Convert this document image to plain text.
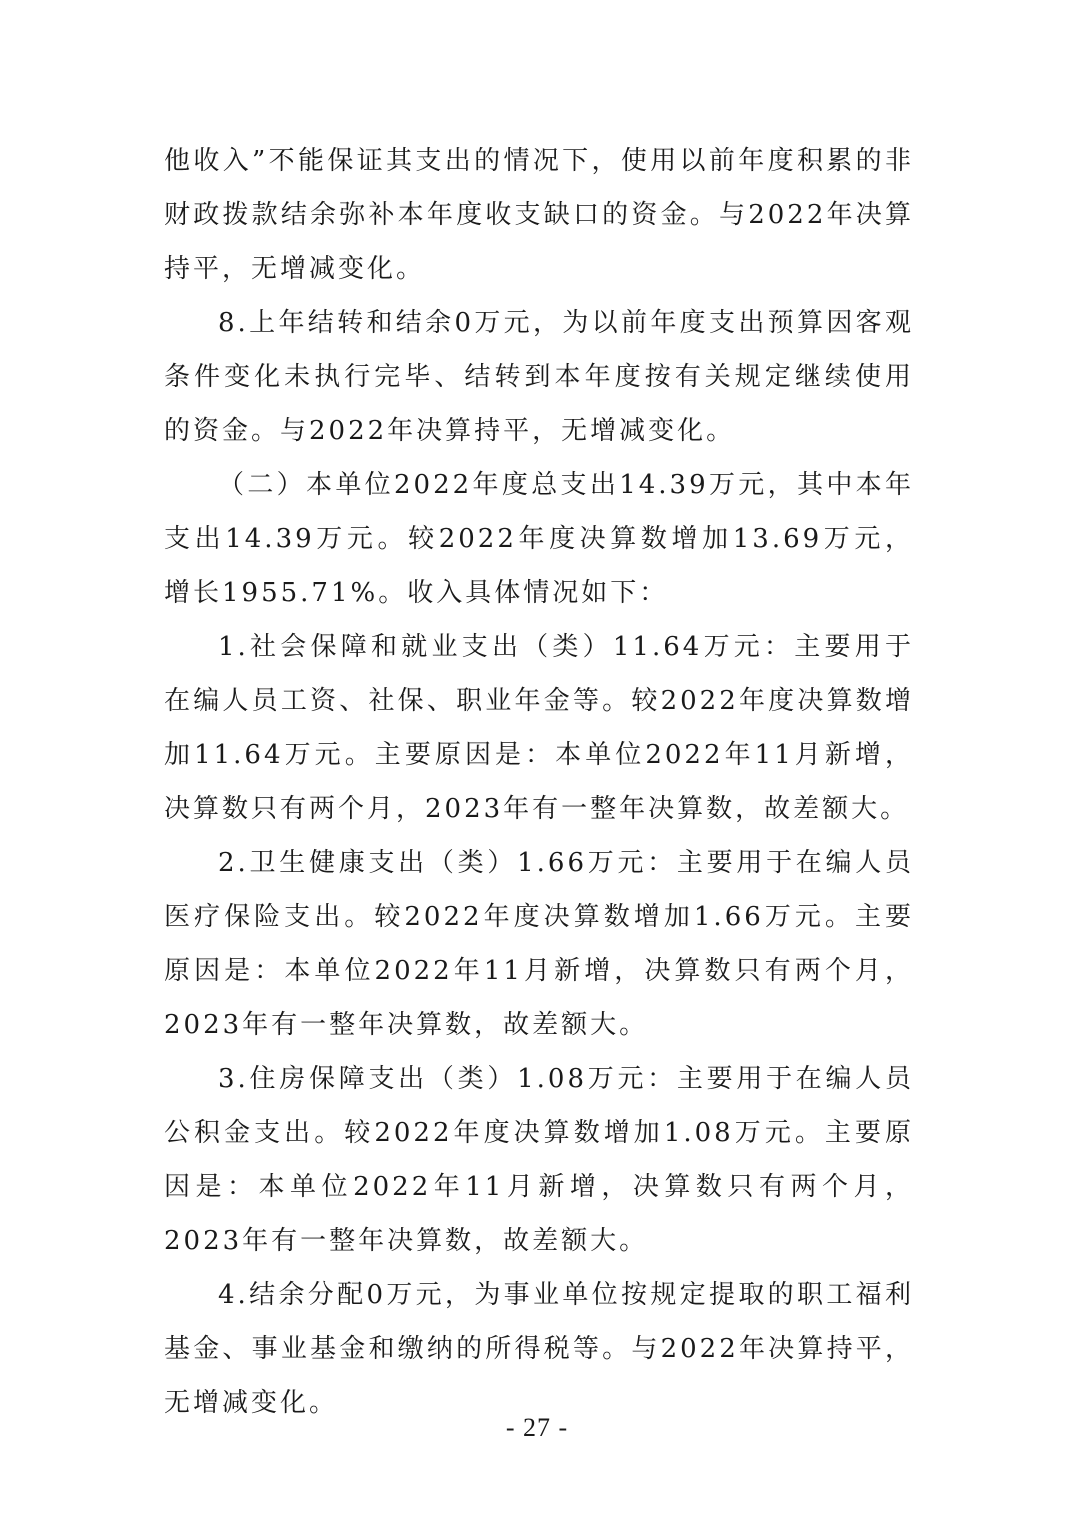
他收入”不能保证其支出的情况下，使用以前年度积累的非财政拨款结余弥补本年度收支缺口的资金。与2022年决算持平，无增减变化。

8.上年结转和结余0万元，为以前年度支出预算因客观条件变化未执行完毕、结转到本年度按有关规定继续使用的资金。与2022年决算持平，无增减变化。

（二）本单位2022年度总支出14.39万元，其中本年支出14.39万元。较2022年度决算数增加13.69万元，增长1955.71%。收入具体情况如下：

1.社会保障和就业支出（类）11.64万元：主要用于在编人员工资、社保、职业年金等。较2022年度决算数增加11.64万元。主要原因是：本单位2022年11月新增，决算数只有两个月，2023年有一整年决算数，故差额大。

2.卫生健康支出（类）1.66万元：主要用于在编人员医疗保险支出。较2022年度决算数增加1.66万元。主要原因是：本单位2022年11月新增，决算数只有两个月，2023年有一整年决算数，故差额大。

3.住房保障支出（类）1.08万元：主要用于在编人员公积金支出。较2022年度决算数增加1.08万元。主要原因是：本单位2022年11月新增，决算数只有两个月，2023年有一整年决算数，故差额大。

4.结余分配0万元，为事业单位按规定提取的职工福利基金、事业基金和缴纳的所得税等。与2022年决算持平，无增减变化。

- 27 -
